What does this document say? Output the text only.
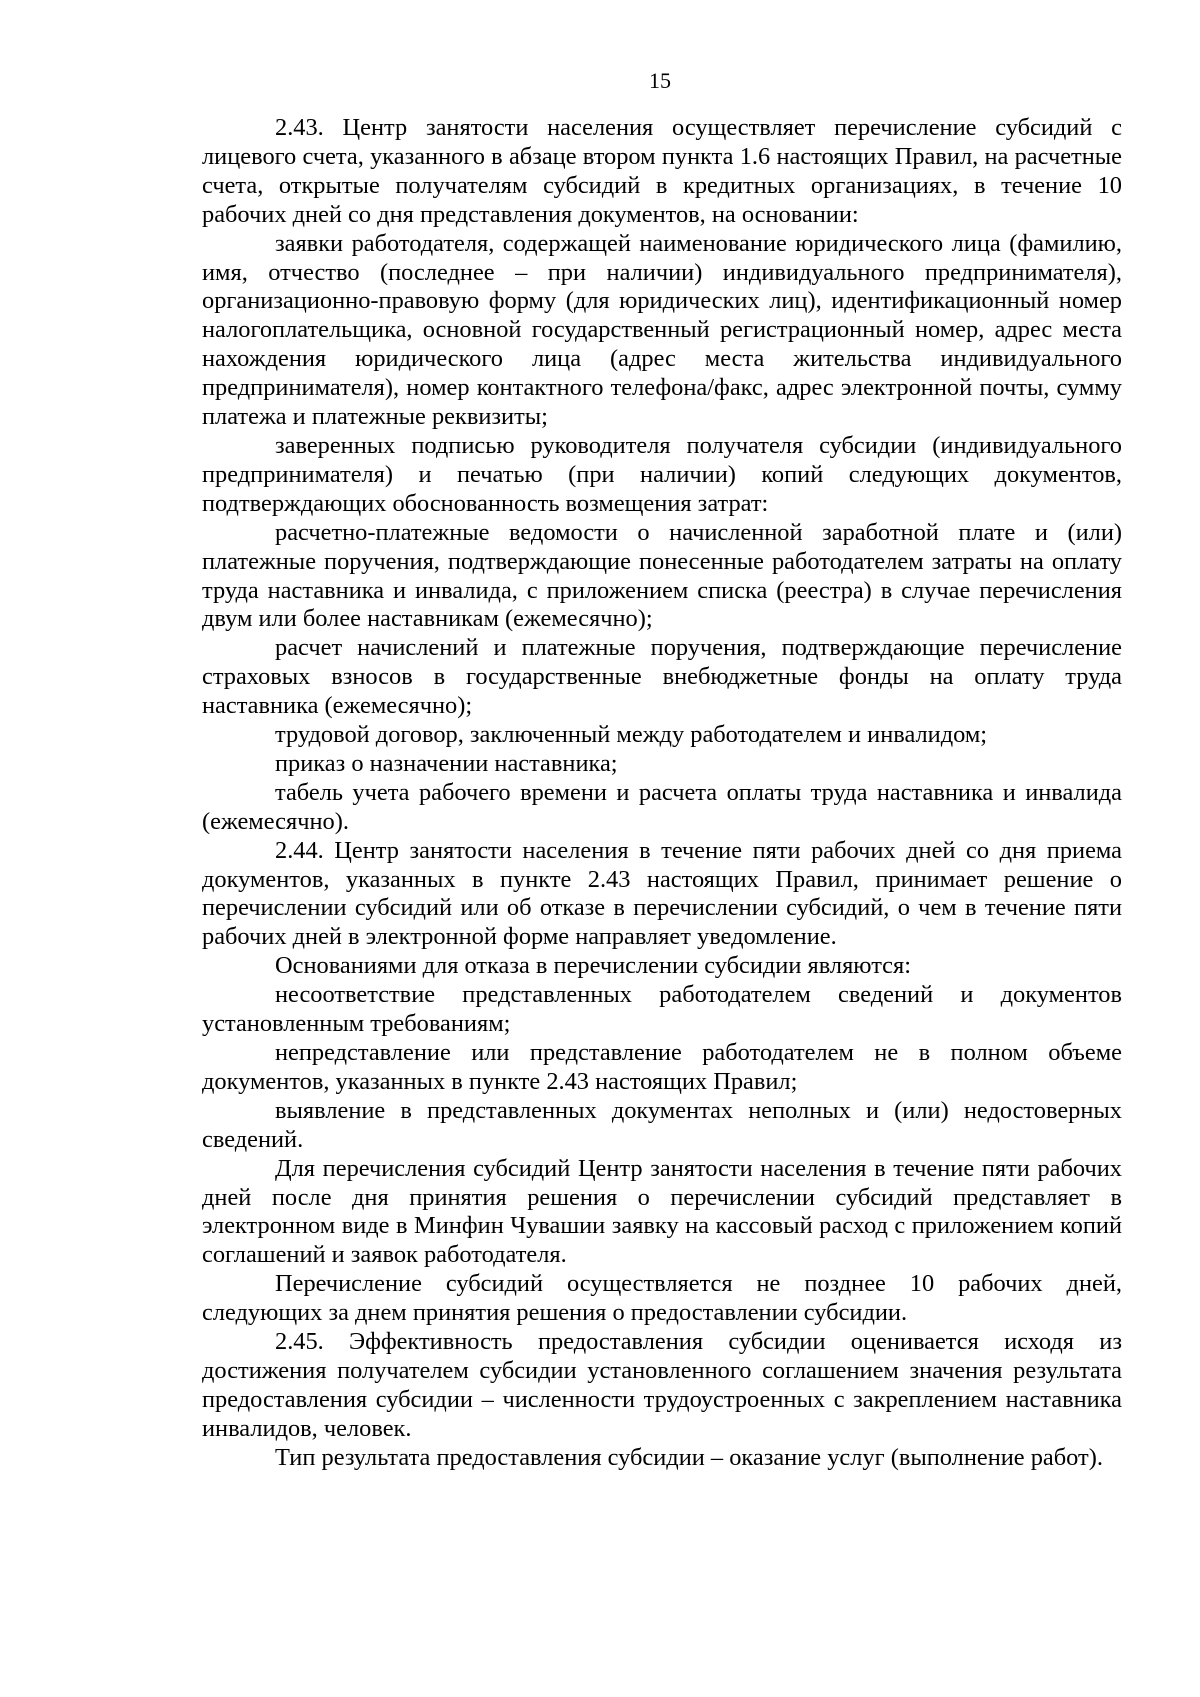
15

2.43. Центр занятости населения осуществляет перечисление субсидий с лицевого счета, указанного в абзаце втором пункта 1.6 настоящих Правил, на расчетные счета, открытые получателям субсидий в кредитных организациях, в течение 10 рабочих дней со дня представления документов, на основании:

заявки работодателя, содержащей наименование юридического лица (фамилию, имя, отчество (последнее – при наличии) индивидуального предпринимателя), организационно-правовую форму (для юридических лиц), идентификационный номер налогоплательщика, основной государственный регистрационный номер, адрес места нахождения юридического лица (адрес места жительства индивидуального предпринимателя), номер контактного телефона/факс, адрес электронной почты, сумму платежа и платежные реквизиты;

заверенных подписью руководителя получателя субсидии (индивидуального предпринимателя) и печатью (при наличии) копий следующих документов, подтверждающих обоснованность возмещения затрат:

расчетно-платежные ведомости о начисленной заработной плате и (или) платежные поручения, подтверждающие понесенные работодателем затраты на оплату труда наставника и инвалида, с приложением списка (реестра) в случае перечисления двум или более наставникам (ежемесячно);

расчет начислений и платежные поручения, подтверждающие перечисление страховых взносов в государственные внебюджетные фонды на оплату труда наставника (ежемесячно);

трудовой договор, заключенный между работодателем и инвалидом;

приказ о назначении наставника;

табель учета рабочего времени и расчета оплаты труда наставника и инвалида (ежемесячно).

2.44. Центр занятости населения в течение пяти рабочих дней со дня приема документов, указанных в пункте 2.43 настоящих Правил, принимает решение о перечислении субсидий или об отказе в перечислении субсидий, о чем в течение пяти рабочих дней в электронной форме направляет уведомление.

Основаниями для отказа в перечислении субсидии являются:

несоответствие представленных работодателем сведений и документов установленным требованиям;

непредставление или представление работодателем не в полном объеме документов, указанных в пункте 2.43 настоящих Правил;

выявление в представленных документах неполных и (или) недостоверных сведений.

Для перечисления субсидий Центр занятости населения в течение пяти рабочих дней после дня принятия решения о перечислении субсидий представляет в электронном виде в Минфин Чувашии заявку на кассовый расход с приложением копий соглашений и заявок работодателя.

Перечисление субсидий осуществляется не позднее 10 рабочих дней, следующих за днем принятия решения о предоставлении субсидии.

2.45. Эффективность предоставления субсидии оценивается исходя из достижения получателем субсидии установленного соглашением значения результата предоставления субсидии – численности трудоустроенных с закреплением наставника инвалидов, человек.

Тип результата предоставления субсидии – оказание услуг (выполнение работ).
